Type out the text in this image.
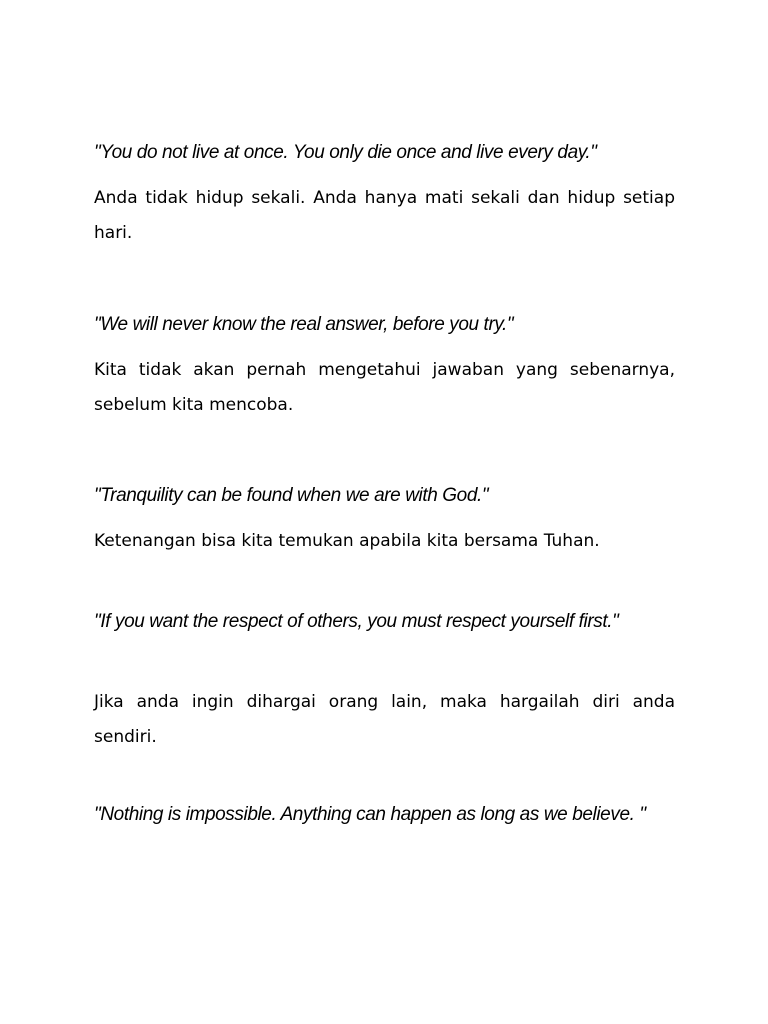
"You do not live at once. You only die once and live every day."

Anda tidak hidup sekali. Anda hanya mati sekali dan hidup setiap hari.

"We will never know the real answer, before you try."

Kita tidak akan pernah mengetahui jawaban yang sebenarnya, sebelum kita mencoba.

"Tranquility can be found when we are with God."

Ketenangan bisa kita temukan apabila kita bersama Tuhan.

"If you want the respect of others, you must respect yourself first."

Jika anda ingin dihargai orang lain, maka hargailah diri anda sendiri.

"Nothing is impossible. Anything can happen as long as we believe. "
